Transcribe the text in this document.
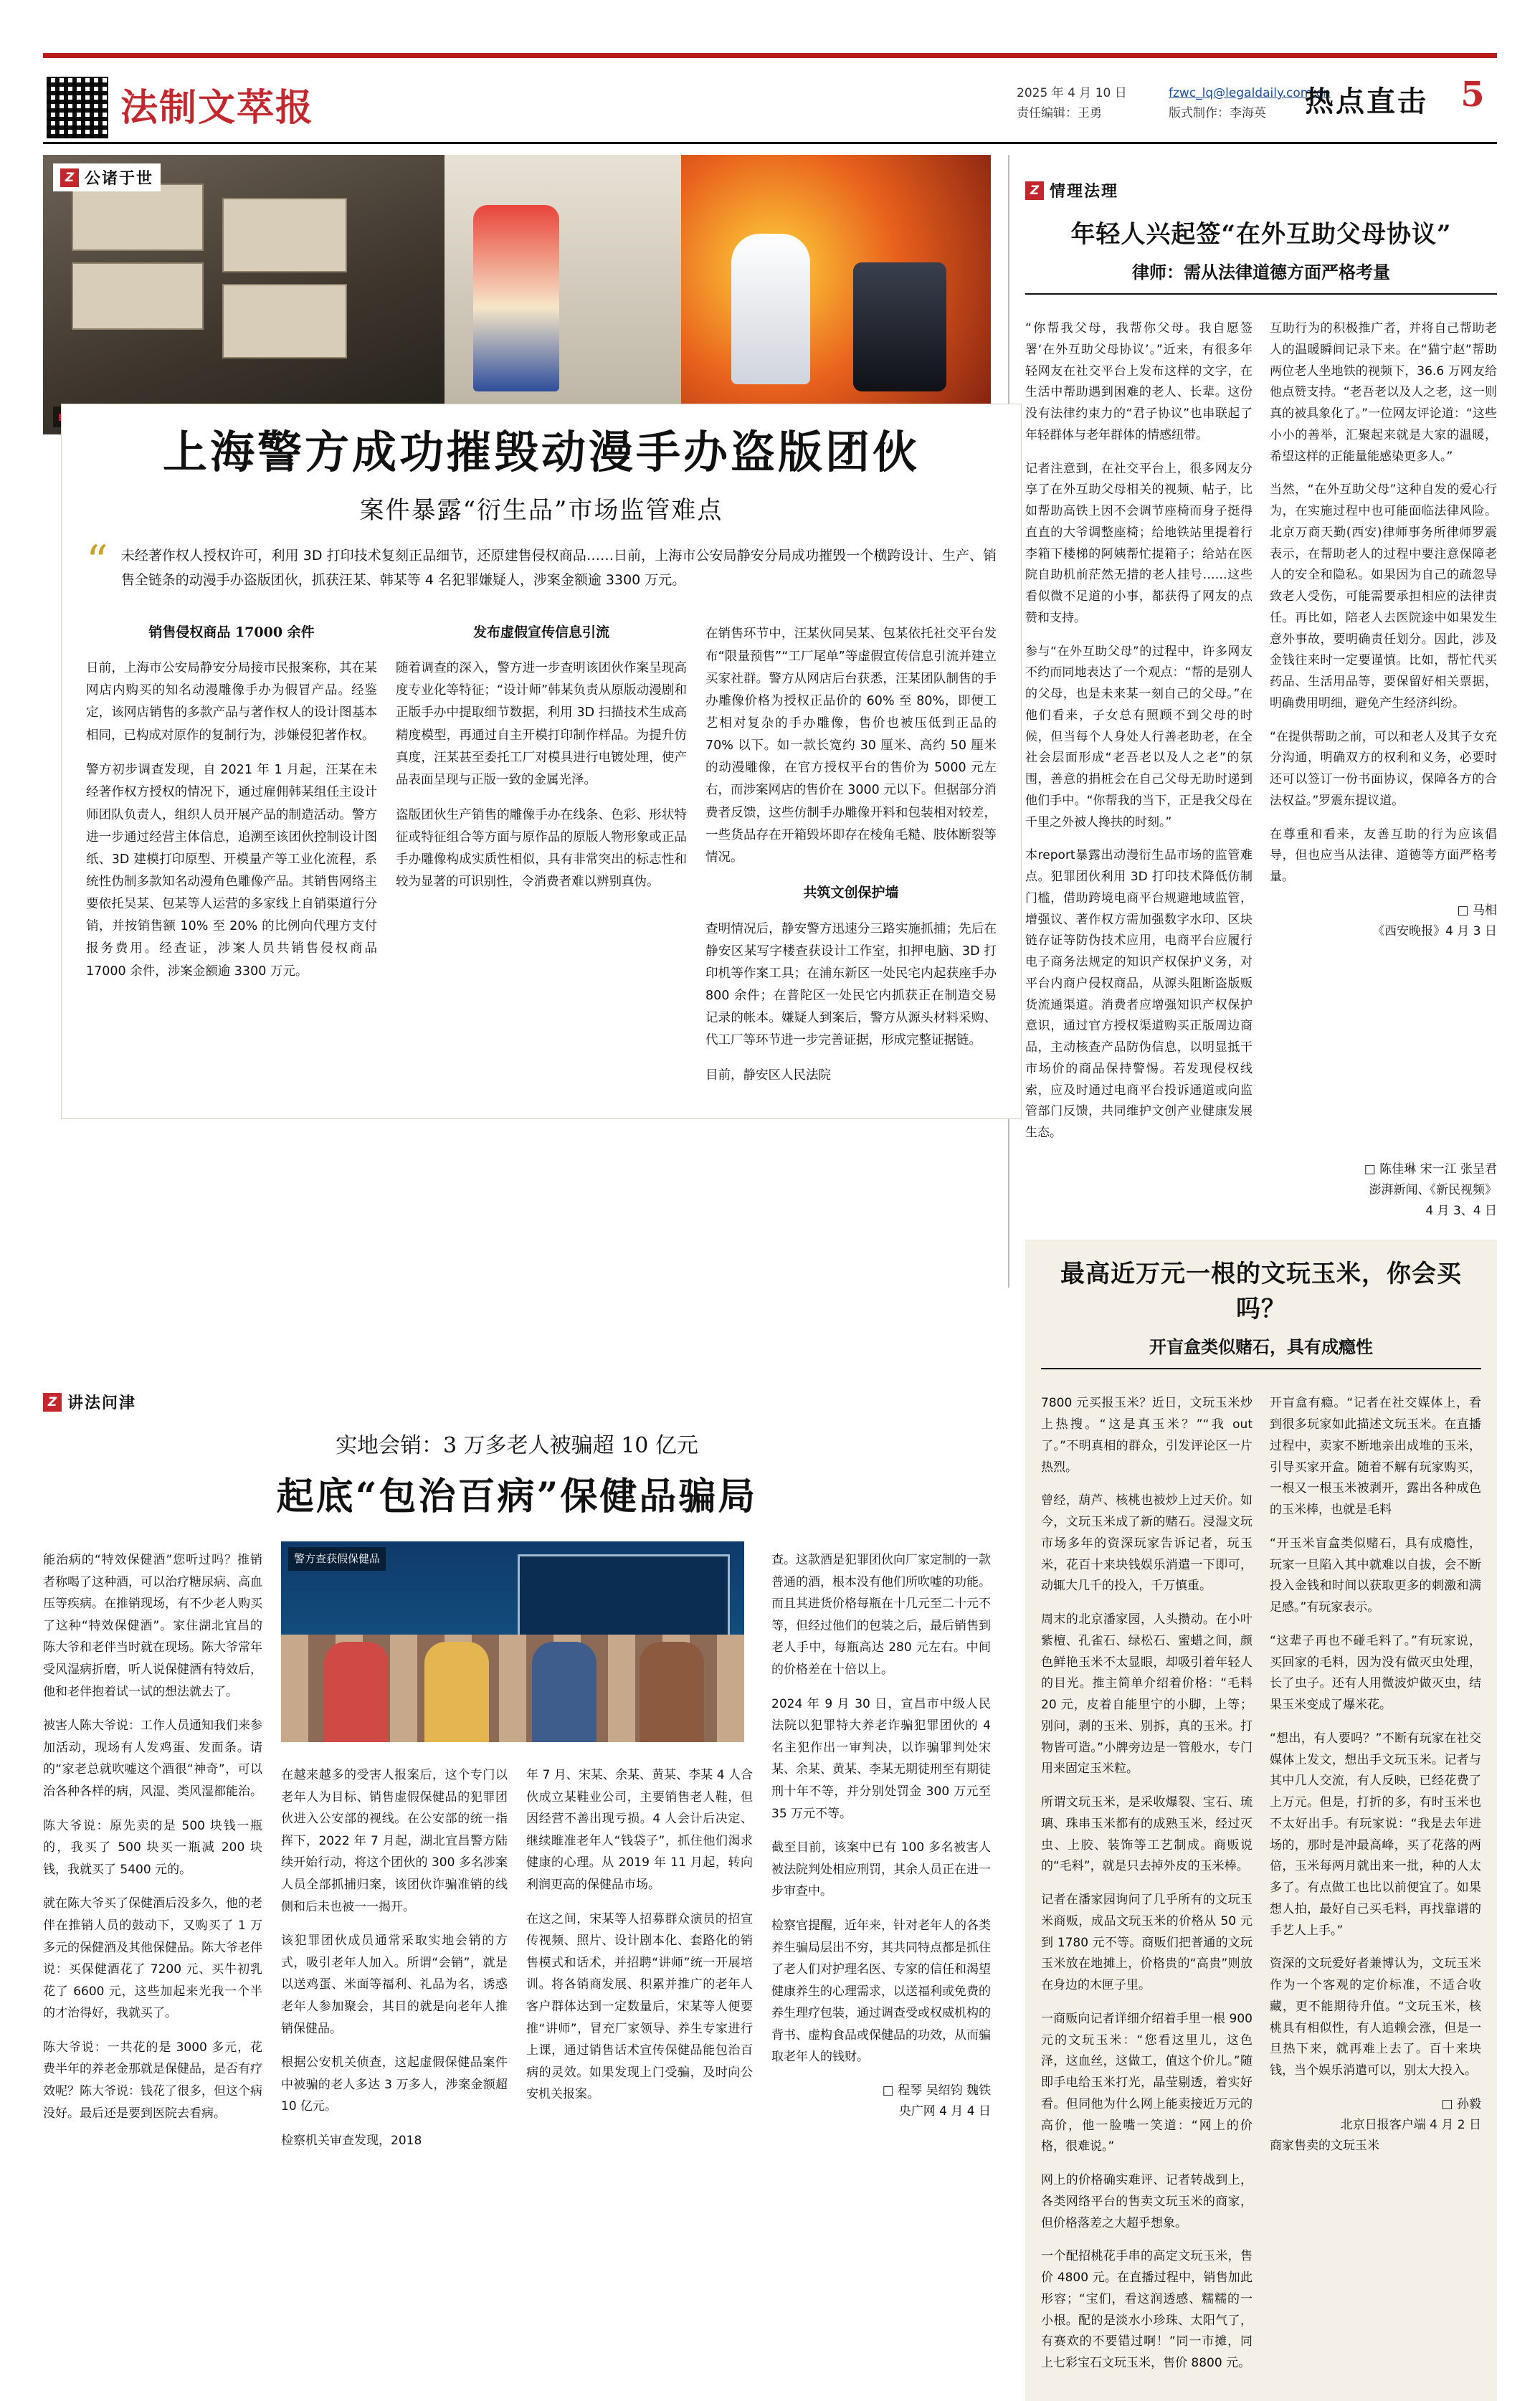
法制文萃报	2025 年 4 月 10 日
责任编辑：王勇
fzwc_lq@legaldaily.com.cn
版式制作：李海英 热点直击 5
Z 公诸于世
上海警方成功摧毁动漫手办盗版团伙
案件暴露“衍生品”市场监管难点
“ 未经著作权人授权许可，利用 3D 打印技术复刻正品细节，还原建售侵权商品……日前，上海市公安局静安分局成功摧毁一个横跨设计、生产、销售全链条的动漫手办盗版团伙，抓获汪某、韩某等 4 名犯罪嫌疑人，涉案金额逾 3300 万元。
销售侵权商品 17000 余件

日前，上海市公安局静安分局接市民报案称，其在某网店内购买的知名动漫雕像手办为假冒产品。经鉴定，该网店销售的多款产品与著作权人的设计图基本相同，已构成对原作的复制行为，涉嫌侵犯著作权。

警方初步调查发现，自 2021 年 1 月起，汪某在未经著作权方授权的情况下，通过雇佣韩某组任主设计师团队负责人，组织人员开展产品的制造活动。警方进一步通过经营主体信息，追溯至该团伙控制设计图纸、3D 建模打印原型、开模量产等工业化流程，系统性伪制多款知名动漫角色雕像产品。其销售网络主要依托吴某、包某等人运营的多家线上自销渠道行分销，并按销售额 10% 至 20% 的比例向代理方支付报务费用。经查证，涉案人员共销售侵权商品 17000 余件，涉案金额逾 3300 万元。

发布虚假宣传信息引流

随着调查的深入，警方进一步查明该团伙作案呈现高度专业化等特征；“设计师”韩某负责从原版动漫剧和正版手办中提取细节数据，利用 3D 扫描技术生成高精度模型，再通过自主开模打印制作样品。为提升仿真度，汪某甚至委托工厂对模具进行电镀处理，使产品表面呈现与正版一致的金属光泽。

盗版团伙生产销售的雕像手办在线条、色彩、形状特征或特征组合等方面与原作品的原版人物形象或正品手办雕像构成实质性相似，具有非常突出的标志性和较为显著的可识别性，令消费者难以辨别真伪。

在销售环节中，汪某伙同吴某、包某依托社交平台发布“限量预售”“工厂尾单”等虚假宣传信息引流并建立买家社群。警方从网店后台获悉，汪某团队制售的手办雕像价格为授权正品价的 60% 至 80%，即便工艺相对复杂的手办雕像，售价也被压低到正品的 70% 以下。如一款长宽约 30 厘米、高约 50 厘米的动漫雕像，在官方授权平台的售价为 5000 元左右，而涉案网店的售价在 3000 元以下。但据部分消费者反馈，这些仿制手办雕像开料和包装相对较差，一些货品存在开箱毁坏即存在棱角毛糙、肢体断裂等情况。

共筑文创保护墙

查明情况后，静安警方迅速分三路实施抓捕；先后在静安区某写字楼查获设计工作室，扣押电脑、3D 打印机等作案工具；在浦东新区一处民宅内起获座手办 800 余件；在普陀区一处民它内抓获正在制造交易记录的帐本。嫌疑人到案后，警方从源头材料采购、代工厂等环节进一步完善证据，形成完整证据链。

目前，静安区人民法院

Z 情理法理
年轻人兴起签“在外互助父母协议”
律师：需从法律道德方面严格考量

“你帮我父母，我帮你父母。我自愿签署‘在外互助父母协议’。”近来，有很多年轻网友在社交平台上发布这样的文字，在生活中帮助遇到困难的老人、长辈。这份没有法律约束力的“君子协议”也串联起了年轻群体与老年群体的情感纽带。

记者注意到，在社交平台上，很多网友分享了在外互助父母相关的视频、帖子，比如帮助高铁上因不会调节座椅而身子挺得直直的大爷调整座椅；给地铁站里提着行李箱下楼梯的阿姨帮忙提箱子；给站在医院自助机前茫然无措的老人挂号……这些看似微不足道的小事，都获得了网友的点赞和支持。

参与“在外互助父母”的过程中，许多网友不约而同地表达了一个观点：“帮的是别人的父母，也是未来某一刻自己的父母。”在他们看来，子女总有照顾不到父母的时候，但当每个人身处人行善老助老，在全社会层面形成“老吾老以及人之老”的氛围，善意的捐桩会在自己父母无助时递到他们手中。“你帮我的当下，正是我父母在千里之外被人搀扶的时刻。”

本report暴露出动漫衍生品市场的监管难点。犯罪团伙利用 3D 打印技术降低仿制门槛，借助跨境电商平台规避地域监管，增强议、著作权方需加强数字水印、区块链存证等防伪技术应用，电商平台应履行电子商务法规定的知识产权保护义务，对平台内商户侵权商品，从源头阻断盗版贩货流通渠道。消费者应增强知识产权保护意识，通过官方授权渠道购买正版周边商品，主动核查产品防伪信息，以明显抵干市场价的商品保持警惕。若发现侵权线索，应及时通过电商平台投诉通道或向监管部门反馈，共同维护文创产业健康发展生态。

互助行为的积极推广者，并将自己帮助老人的温暖瞬间记录下来。在“猫宁赵”帮助两位老人坐地铁的视频下，36.6 万网友给他点赞支持。“老吾老以及人之老，这一则真的被具象化了。”一位网友评论道：“这些小小的善举，汇聚起来就是大家的温暖，希望这样的正能量能感染更多人。”

当然，“在外互助父母”这种自发的爱心行为，在实施过程中也可能面临法律风险。北京万商天勤(西安)律师事务所律师罗震表示，在帮助老人的过程中要注意保障老人的安全和隐私。如果因为自己的疏忽导致老人受伤，可能需要承担相应的法律责任。再比如，陪老人去医院途中如果发生意外事故，要明确责任划分。因此，涉及金钱往来时一定要谨慎。比如，帮忙代买药品、生活用品等，要保留好相关票据，明确费用明细，避免产生经济纠纷。

“在提供帮助之前，可以和老人及其子女充分沟通，明确双方的权利和义务，必要时还可以签订一份书面协议，保障各方的合法权益。”罗震东提议道。

在尊重和看来，友善互助的行为应该倡导，但也应当从法律、道德等方面严格考量。

□ 马相
《西安晚报》4 月 3 日
□ 陈佳琳 宋一江 张呈君
澎湃新闻、《新民视频》
4 月 3、4 日
最高近万元一根的文玩玉米，你会买吗？
开盲盒类似赌石，具有成瘾性

7800 元买报玉米？近日，文玩玉米炒上热搜。“这是真玉米？”“我 out 了。”不明真相的群众，引发评论区一片热烈。

曾经，葫芦、核桃也被炒上过天价。如今，文玩玉米成了新的赌石。浸湿文玩市场多年的资深玩家告诉记者，玩玉米，花百十来块钱娱乐消遣一下即可，动辄大几千的投入，千万慎重。

周末的北京潘家园，人头攒动。在小叶紫檀、孔雀石、绿松石、蜜蜡之间，颜色鲜艳玉米不太显眼，却吸引着年轻人的目光。推主简单介绍着价格：“毛料 20 元，皮着自能里宁的小脚，上等；别问，剥的玉米、别拆，真的玉米。打物皆可造。”小牌旁边是一管般水，专门用来固定玉米粒。

所谓文玩玉米，是采收爆裂、宝石、琉璃、珠串玉米都有的成熟玉米，经过灭虫、上胶、装饰等工艺制成。商贩说的“毛料”，就是只去掉外皮的玉米棒。

记者在潘家园询问了几乎所有的文玩玉米商贩，成品文玩玉米的价格从 50 元到 1780 元不等。商贩们把普通的文玩玉米放在地摊上，价格贵的“高贵”则放在身边的木匣子里。

一商贩向记者详细介绍着手里一根 900 元的文玩玉米：“您看这里儿，这色泽，这血丝，这做工，值这个价儿。”随即手电给玉米打光，晶莹剔透，着实好看。但同他为什么网上能卖接近万元的高价，他一脸嘴一笑道：“网上的价格，很难说。”

网上的价格确实难评、记者转战到上，各类网络平台的售卖文玩玉米的商家，但价格落差之大超乎想象。

一个配招桃花手串的高定文玩玉米，售价 4800 元。在直播过程中，销售加此形容；“宝们，看这润透感、糯糯的一小根。配的是淡水小珍珠、太阳气了，有赛欢的不要错过啊！”同一市摊，同上七彩宝石文玩玉米，售价 8800 元。

开盲盒有瘾。“记者在社交媒体上，看到很多玩家如此描述文玩玉米。在直播过程中，卖家不断地亲出成堆的玉米，引导买家开盒。随着不解有玩家购买，一根又一根玉米被剥开，露出各种成色的玉米棒，也就是毛料

“开玉米盲盒类似赌石，具有成瘾性，玩家一旦陷入其中就难以自拔，会不断投入金钱和时间以获取更多的刺激和满足感。”有玩家表示。

“这辈子再也不碰毛料了。”有玩家说，买回家的毛料，因为没有做灭虫处理，长了虫子。还有人用微波炉做灭虫，结果玉米变成了爆米花。

“想出，有人要吗？”不断有玩家在社交媒体上发文，想出手文玩玉米。记者与其中几人交流，有人反映，已经花费了上万元。但是，打折的多，有时玉米也不太好出手。有玩家说：“我是去年进场的，那时是冲最高峰，买了花落的两倍，玉米每两月就出来一批，种的人太多了。有点做工也比以前便宜了。如果想人拍，最好自己买毛料，再找靠谱的手艺人上手。”

资深的文玩爱好者兼博认为，文玩玉米作为一个客观的定价标准，不适合收藏，更不能期待升值。“文玩玉米，核桃具有相似性，有人追赖会涨，但是一旦热下来，就再难上去了。百十来块钱，当个娱乐消遣可以，别太大投入。

□ 孙毅
北京日报客户端 4 月 2 日
商家售卖的文玩玉米
Z 讲法问津
实地会销：3 万多老人被骗超 10 亿元
起底“包治百病”保健品骗局

能治病的“特效保健酒”您听过吗？推销者称喝了这种酒，可以治疗糖尿病、高血压等疾病。在推销现场，有不少老人购买了这种“特效保健酒”。家住湖北宜昌的陈大爷和老伴当时就在现场。陈大爷常年受风湿病折磨，听人说保健酒有特效后，他和老伴抱着试一试的想法就去了。

被害人陈大爷说：工作人员通知我们来参加活动，现场有人发鸡蛋、发面条。请的“家老总就吹嘘这个酒很“神奇”，可以治各种各样的病，风湿、类风湿都能治。

陈大爷说：原先卖的是 500 块钱一瓶的，我买了 500 块买一瓶减 200 块钱，我就买了 5400 元的。

就在陈大爷买了保健酒后没多久，他的老伴在推销人员的鼓动下，又购买了 1 万多元的保健酒及其他保健品。陈大爷老伴说：买保健酒花了 7200 元、买牛初乳花了 6600 元，这些加起来光我一个半的才治得好，我就买了。

陈大爷说：一共花的是 3000 多元，花费半年的养老金那就是保健品，是否有疗效呢？陈大爷说：钱花了很多，但这个病没好。最后还是要到医院去看病。

警方查获假保健品

在越来越多的受害人报案后，这个专门以老年人为目标、销售虚假保健品的犯罪团伙进入公安部的视线。在公安部的统一指挥下，2022 年 7 月起，湖北宜昌警方陆续开始行动，将这个团伙的 300 多名涉案人员全部抓捕归案，该团伙诈骗准销的线侧和后未也被一一揭开。

该犯罪团伙成员通常采取实地会销的方式，吸引老年人加入。所谓“会销”，就是以送鸡蛋、米面等福利、礼品为名，诱惑老年人参加聚会，其目的就是向老年人推销保健品。

根据公安机关侦查，这起虚假保健品案件中被骗的老人多达 3 万多人，涉案金额超 10 亿元。

检察机关审查发现，2018

年 7 月、宋某、余某、黄某、李某 4 人合伙成立某鞋业公司，主要销售老人鞋，但因经营不善出现亏损。4 人会计后决定、继续睢准老年人“钱袋子”，抓住他们渴求健康的心理。从 2019 年 11 月起，转向利润更高的保健品市场。

在这之间，宋某等人招募群众演员的招宣传视频、照片、设计剧本化、套路化的销售模式和话术，并招聘“讲师”统一开展培训。将各销商发展、积累并推广的老年人客户群体达到一定数量后，宋某等人便要推“讲师”，冒充厂家领导、养生专家进行上课，通过销售话术宣传保健品能包治百病的灵效。如果发现上门受骗，及时向公安机关报案。

查。这款酒是犯罪团伙向厂家定制的一款普通的酒，根本没有他们所吹嘘的功能。而且其进货价格每瓶在十几元至二十元不等，但经过他们的包装之后，最后销售到老人手中，每瓶高达 280 元左右。中间的价格差在十倍以上。

2024 年 9 月 30 日，宣昌市中级人民法院以犯罪特大养老诈骗犯罪团伙的 4 名主犯作出一审判决，以诈骗罪判处宋某、余某、黄某、李某无期徒刑至有期徒刑十年不等，并分别处罚金 300 万元至 35 万元不等。

截至目前，该案中已有 100 多名被害人被法院判处相应刑罚，其余人员正在进一步审查中。

检察官提醒，近年来，针对老年人的各类养生骗局层出不穷，其共同特点都是抓住了老人们对护理名医、专家的信任和渴望健康养生的心理需求，以送福利或免费的养生理疗包装，通过调查受或权威机构的背书、虚构食品或保健品的功效，从而骗取老年人的钱财。

□ 程琴 吴绍钧 魏铁
央广网 4 月 4 日
